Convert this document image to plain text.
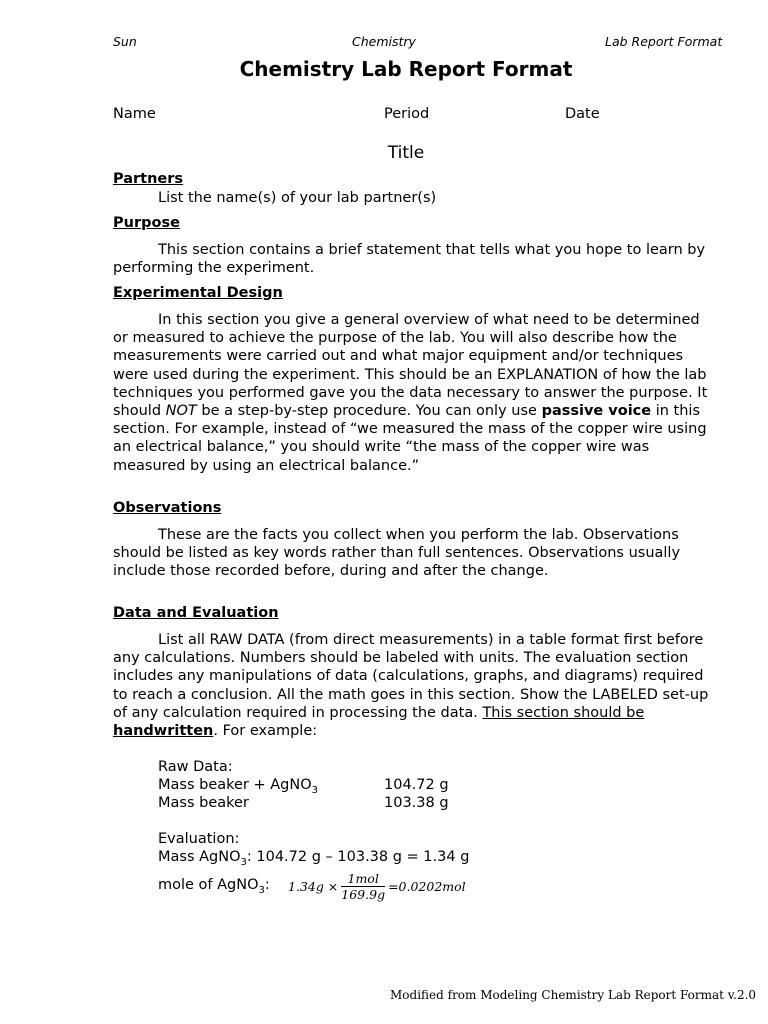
Sun	Chemistry	Lab Report Format
Chemistry Lab Report Format
Name	Period	Date
Title
Partners
List the name(s) of your lab partner(s)
Purpose
This section contains a brief statement that tells what you hope to learn by performing the experiment.
Experimental Design
In this section you give a general overview of what need to be determined or measured to achieve the purpose of the lab. You will also describe how the measurements were carried out and what major equipment and/or techniques were used during the experiment. This should be an EXPLANATION of how the lab techniques you performed gave you the data necessary to answer the purpose. It should NOT be a step-by-step procedure. You can only use passive voice in this section. For example, instead of “we measured the mass of the copper wire using an electrical balance,” you should write “the mass of the copper wire was measured by using an electrical balance.”
Observations
These are the facts you collect when you perform the lab. Observations should be listed as key words rather than full sentences. Observations usually include those recorded before, during and after the change.
Data and Evaluation
List all RAW DATA (from direct measurements) in a table format first before any calculations. Numbers should be labeled with units. The evaluation section includes any manipulations of data (calculations, graphs, and diagrams) required to reach a conclusion. All the math goes in this section. Show the LABELED set-up of any calculation required in processing the data. This section should be handwritten. For example:
Raw Data:
Mass beaker + AgNO$_3$	104.72 g
Mass beaker	103.38 g
Evaluation:
Mass AgNO$_3$: 104.72 g – 103.38 g = 1.34 g
mole of AgNO$_3$: $1.34g \times \frac{\text{1mol}}{169.9g} =0.0202mol$
Modified from Modeling Chemistry Lab Report Format v.2.0
